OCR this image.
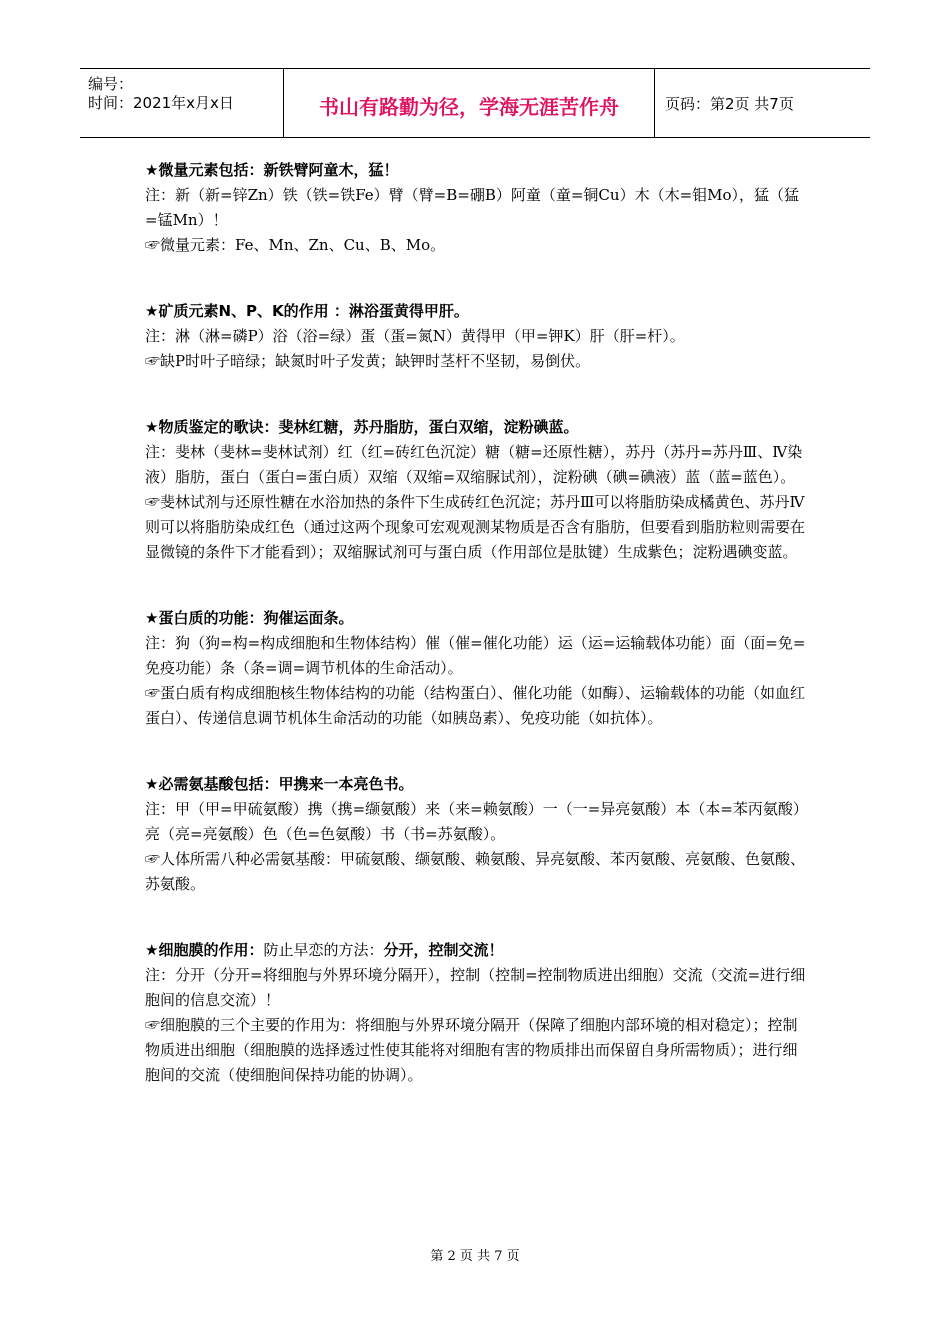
编号：
时间：2021年x月x日	书山有路勤为径，学海无涯苦作舟	页码：第2页 共7页

★微量元素包括：新铁臂阿童木，猛！

注：新（新=锌Zn）铁（铁=铁Fe）臂（臂=B=硼B）阿童（童=铜Cu）木（木=钼Mo），猛（猛=锰Mn）！

☞微量元素：Fe、Mn、Zn、Cu、B、Mo。

★矿质元素N、P、K的作用 ：淋浴蛋黄得甲肝。

注：淋（淋=磷P）浴（浴=绿）蛋（蛋=氮N）黄得甲（甲=钾K）肝（肝=杆）。

☞缺P时叶子暗绿；缺氮时叶子发黄；缺钾时茎杆不坚韧，易倒伏。

★物质鉴定的歌诀：斐林红糖，苏丹脂肪，蛋白双缩，淀粉碘蓝。

注：斐林（斐林=斐林试剂）红（红=砖红色沉淀）糖（糖=还原性糖），苏丹（苏丹=苏丹Ⅲ、Ⅳ染液）脂肪，蛋白（蛋白=蛋白质）双缩（双缩=双缩脲试剂），淀粉碘（碘=碘液）蓝（蓝=蓝色）。

☞斐林试剂与还原性糖在水浴加热的条件下生成砖红色沉淀；苏丹Ⅲ可以将脂肪染成橘黄色、苏丹Ⅳ则可以将脂肪染成红色（通过这两个现象可宏观观测某物质是否含有脂肪，但要看到脂肪粒则需要在显微镜的条件下才能看到）；双缩脲试剂可与蛋白质（作用部位是肽键）生成紫色；淀粉遇碘变蓝。

★蛋白质的功能：狗催运面条。

注：狗（狗=构=构成细胞和生物体结构）催（催=催化功能）运（运=运输载体功能）面（面=免=免疫功能）条（条=调=调节机体的生命活动）。

☞蛋白质有构成细胞核生物体结构的功能（结构蛋白）、催化功能（如酶）、运输载体的功能（如血红蛋白）、传递信息调节机体生命活动的功能（如胰岛素）、免疫功能（如抗体）。

★必需氨基酸包括：甲携来一本亮色书。

注：甲（甲=甲硫氨酸）携（携=缬氨酸）来（来=赖氨酸）一（一=异亮氨酸）本（本=苯丙氨酸）亮（亮=亮氨酸）色（色=色氨酸）书（书=苏氨酸）。

☞人体所需八种必需氨基酸：甲硫氨酸、缬氨酸、赖氨酸、异亮氨酸、苯丙氨酸、亮氨酸、色氨酸、苏氨酸。

★细胞膜的作用：防止早恋的方法：分开，控制交流！

注：分开（分开=将细胞与外界环境分隔开），控制（控制=控制物质进出细胞）交流（交流=进行细胞间的信息交流）！

☞细胞膜的三个主要的作用为：将细胞与外界环境分隔开（保障了细胞内部环境的相对稳定）；控制物质进出细胞（细胞膜的选择透过性使其能将对细胞有害的物质排出而保留自身所需物质）；进行细胞间的交流（使细胞间保持功能的协调）。

第 2 页 共 7 页
